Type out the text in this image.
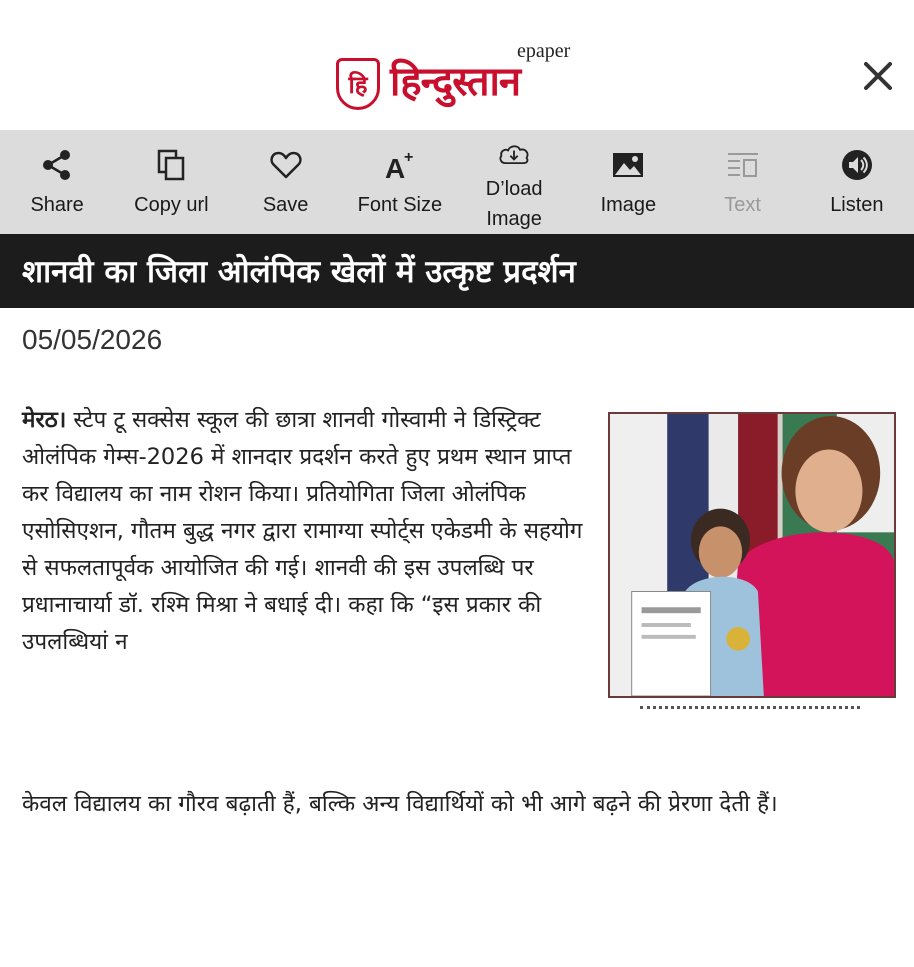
हि हिन्दुस्तान
epaper
Share	Copy url	Save
A
+
Font Size
D’load
Image
Image	Text	Listen
शानवी का जिला ओलंपिक खेलों में उत्कृष्ट प्रदर्शन
05/05/2026
मेरठ। स्टेप टू सक्सेस स्कूल की छात्रा शानवी गोस्वामी ने डिस्ट्रिक्ट ओलंपिक गेम्स-2026 में शानदार प्रदर्शन करते हुए प्रथम स्थान प्राप्त कर विद्यालय का नाम रोशन किया। प्रतियोगिता जिला ओलंपिक एसोसिएशन, गौतम बुद्ध नगर द्वारा रामाग्या स्पोर्ट्स एकेडमी के सहयोग से सफलतापूर्वक आयोजित की गई। शानवी की इस उपलब्धि पर प्रधानाचार्या डॉ. रश्मि मिश्रा ने बधाई दी। कहा कि “इस प्रकार की उपलब्धियां न
केवल विद्यालय का गौरव बढ़ाती हैं, बल्कि अन्य विद्यार्थियों को भी आगे बढ़ने की प्रेरणा देती हैं।
